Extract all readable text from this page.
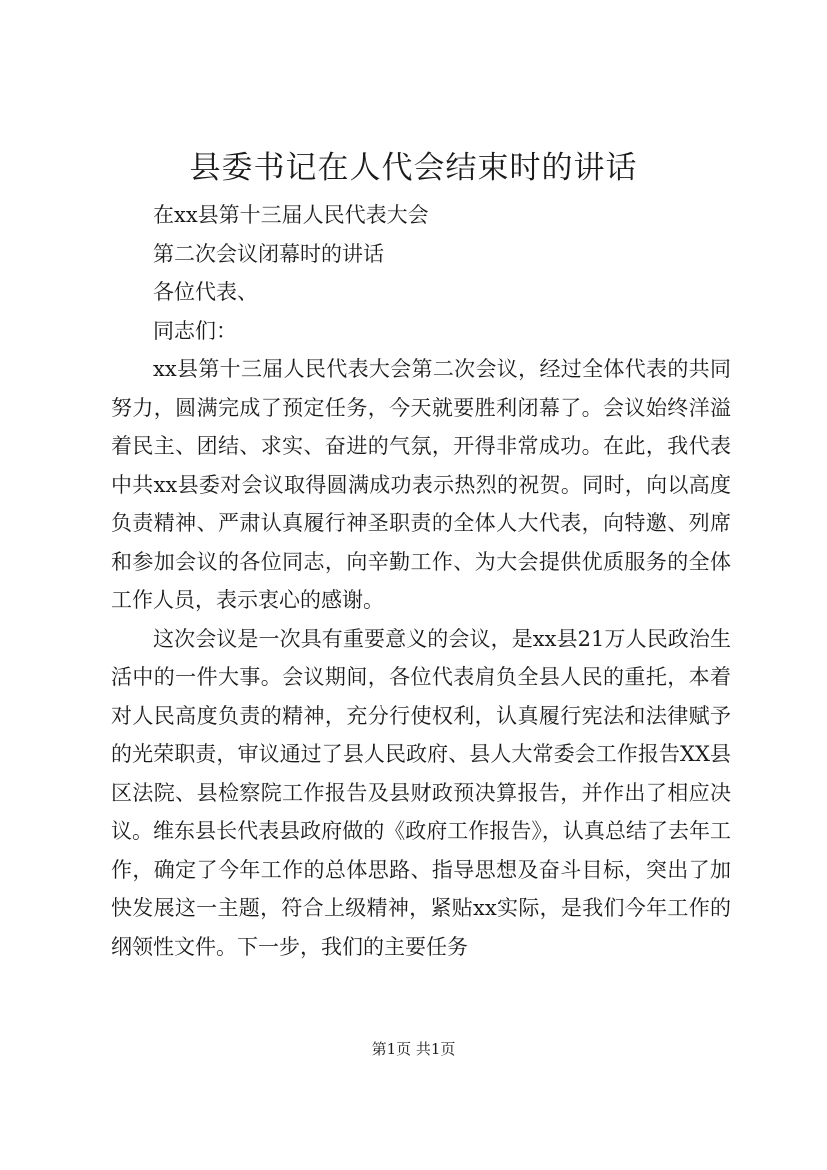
县委书记在人代会结束时的讲话

在xx县第十三届人民代表大会

第二次会议闭幕时的讲话

各位代表、

同志们：

xx县第十三届人民代表大会第二次会议，经过全体代表的共同努力，圆满完成了预定任务，今天就要胜利闭幕了。会议始终洋溢着民主、团结、求实、奋进的气氛，开得非常成功。在此，我代表中共xx县委对会议取得圆满成功表示热烈的祝贺。同时，向以高度负责精神、严肃认真履行神圣职责的全体人大代表，向特邀、列席和参加会议的各位同志，向辛勤工作、为大会提供优质服务的全体工作人员，表示衷心的感谢。

这次会议是一次具有重要意义的会议，是xx县21万人民政治生活中的一件大事。会议期间，各位代表肩负全县人民的重托，本着对人民高度负责的精神，充分行使权利，认真履行宪法和法律赋予的光荣职责，审议通过了县人民政府、县人大常委会工作报告XX县区法院、县检察院工作报告及县财政预决算报告，并作出了相应决议。维东县长代表县政府做的《政府工作报告》，认真总结了去年工作，确定了今年工作的总体思路、指导思想及奋斗目标，突出了加快发展这一主题，符合上级精神，紧贴xx实际，是我们今年工作的纲领性文件。下一步，我们的主要任务

第1页 共1页
